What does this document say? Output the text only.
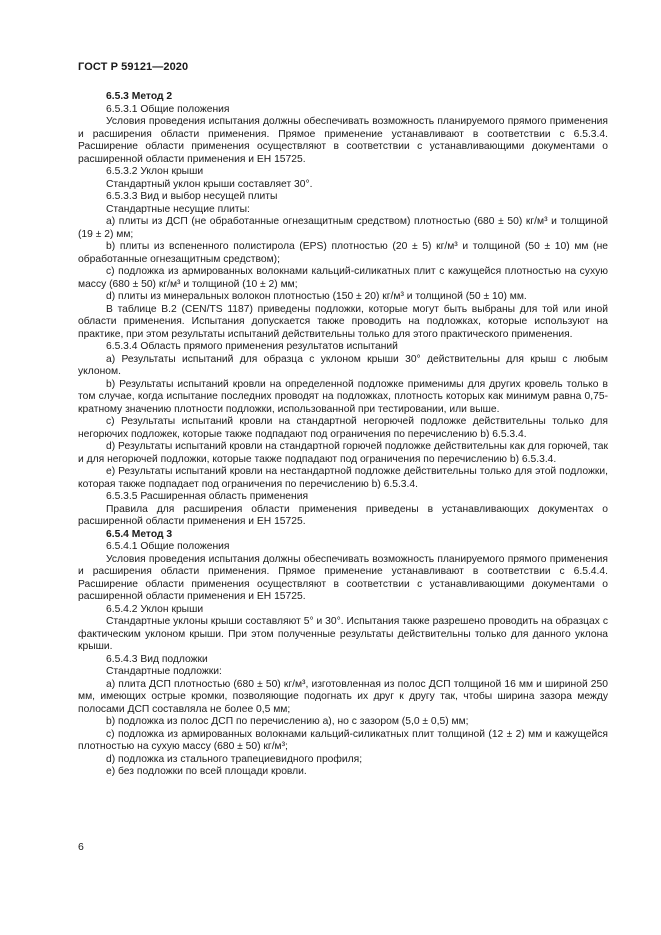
ГОСТ Р 59121—2020

6.5.3 Метод 2

6.5.3.1 Общие положения

Условия проведения испытания должны обеспечивать возможность планируемого прямого применения и расширения области применения. Прямое применение устанавливают в соответствии с 6.5.3.4. Расширение области применения осуществляют в соответствии с устанавливающими документами о расширенной области применения и ЕН 15725.

6.5.3.2 Уклон крыши

Стандартный уклон крыши составляет 30°.

6.5.3.3 Вид и выбор несущей плиты

Стандартные несущие плиты:

a) плиты из ДСП (не обработанные огнезащитным средством) плотностью (680 ± 50) кг/м³ и толщиной (19 ± 2) мм;

b) плиты из вспененного полистирола (EPS) плотностью (20 ± 5) кг/м³ и толщиной (50 ± 10) мм (не обработанные огнезащитным средством);

c) подложка из армированных волокнами кальций-силикатных плит с кажущейся плотностью на сухую массу (680 ± 50) кг/м³ и толщиной (10 ± 2) мм;

d) плиты из минеральных волокон плотностью (150 ± 20) кг/м³ и толщиной (50 ± 10) мм.

В таблице В.2 (CEN/TS 1187) приведены подложки, которые могут быть выбраны для той или иной области применения. Испытания допускается также проводить на подложках, которые используют на практике, при этом результаты испытаний действительны только для этого практического применения.

6.5.3.4 Область прямого применения результатов испытаний

a) Результаты испытаний для образца с уклоном крыши 30° действительны для крыш с любым уклоном.

b) Результаты испытаний кровли на определенной подложке применимы для других кровель только в том случае, когда испытание последних проводят на подложках, плотность которых как минимум равна 0,75-кратному значению плотности подложки, использованной при тестировании, или выше.

c) Результаты испытаний кровли на стандартной негорючей подложке действительны только для негорючих подложек, которые также подпадают под ограничения по перечислению b) 6.5.3.4.

d) Результаты испытаний кровли на стандартной горючей подложке действительны как для горючей, так и для негорючей подложки, которые также подпадают под ограничения по перечислению b) 6.5.3.4.

e) Результаты испытаний кровли на нестандартной подложке действительны только для этой подложки, которая также подпадает под ограничения по перечислению b) 6.5.3.4.

6.5.3.5 Расширенная область применения

Правила для расширения области применения приведены в устанавливающих документах о расширенной области применения и ЕН 15725.

6.5.4 Метод 3

6.5.4.1 Общие положения

Условия проведения испытания должны обеспечивать возможность планируемого прямого применения и расширения области применения. Прямое применение устанавливают в соответствии с 6.5.4.4. Расширение области применения осуществляют в соответствии с устанавливающими документами о расширенной области применения и ЕН 15725.

6.5.4.2 Уклон крыши

Стандартные уклоны крыши составляют 5° и 30°. Испытания также разрешено проводить на образцах с фактическим уклоном крыши. При этом полученные результаты действительны только для данного уклона крыши.

6.5.4.3 Вид подложки

Стандартные подложки:

a) плита ДСП плотностью (680 ± 50) кг/м³, изготовленная из полос ДСП толщиной 16 мм и шириной 250 мм, имеющих острые кромки, позволяющие подогнать их друг к другу так, чтобы ширина зазора между полосами ДСП составляла не более 0,5 мм;

b) подложка из полос ДСП по перечислению а), но с зазором (5,0 ± 0,5) мм;

c) подложка из армированных волокнами кальций-силикатных плит толщиной (12 ± 2) мм и кажущейся плотностью на сухую массу (680 ± 50) кг/м³;

d) подложка из стального трапециевидного профиля;

e) без подложки по всей площади кровли.

6
